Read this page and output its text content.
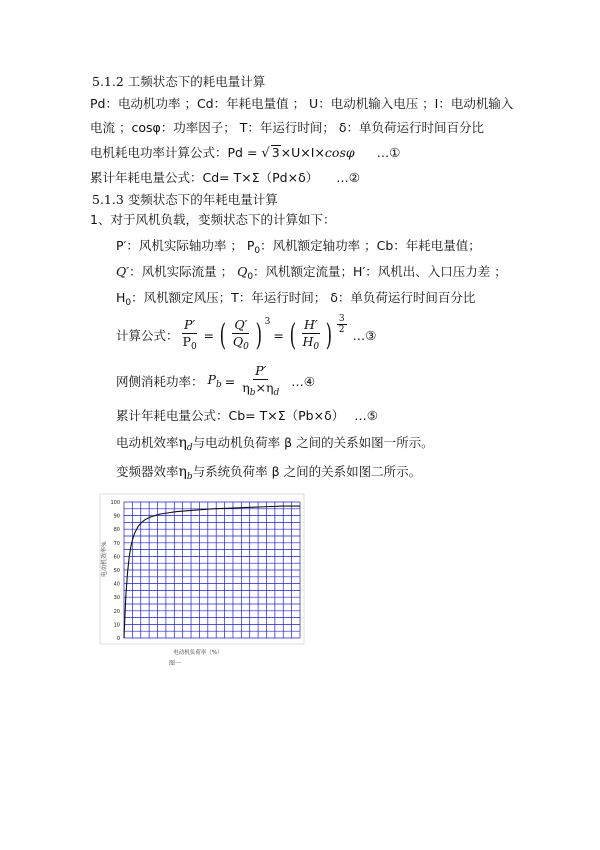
5.1.2 工频状态下的耗电量计算
Pd：电动机功率 ；Cd：年耗电量值 ； U：电动机输入电压 ；I：电动机输入
电流 ；cosφ：功率因子； T：年运行时间； δ：单负荷运行时间百分比
电机耗电功率计算公式：Pd = √ 3×U×I×cosφ …①
累计年耗电量公式：Cd= T×Σ（Pd×δ） …②
5.1.3 变频状态下的年耗电量计算
1、对于风机负载，变频状态下的计算如下：
P′：风机实际轴功率 ； $P_0$：风机额定轴功率 ；Cb：年耗电量值；
Q′：风机实际流量 ； $Q_0$：风机额定流量；H′：风机出、入口压力差 ；
$H_0$：风机额定风压；T：年运行时间； δ：单负荷运行时间百分比
计算公式： $\frac{P'}{P_0}$ = ( $\frac{Q'}{Q_0}$ ) 3
= ( $\frac{H'}{H_0}$ ) $\frac{3}{2}$
…③
网侧消耗功率： $P_b = \frac{P'}{\eta_b\times\eta_d}$ …④
累计年耗电量公式：Cb= T×Σ（Pb×δ） …⑤
电动机效率$\eta_d$与电动机负荷率 β 之间的关系如图一所示。
变频器效率$\eta_b$与系统负荷率 β 之间的关系如图二所示。
0
10
20
30
40
50
60
70
80
90
100
电动机效率%
电动机负荷率（%）
图一
